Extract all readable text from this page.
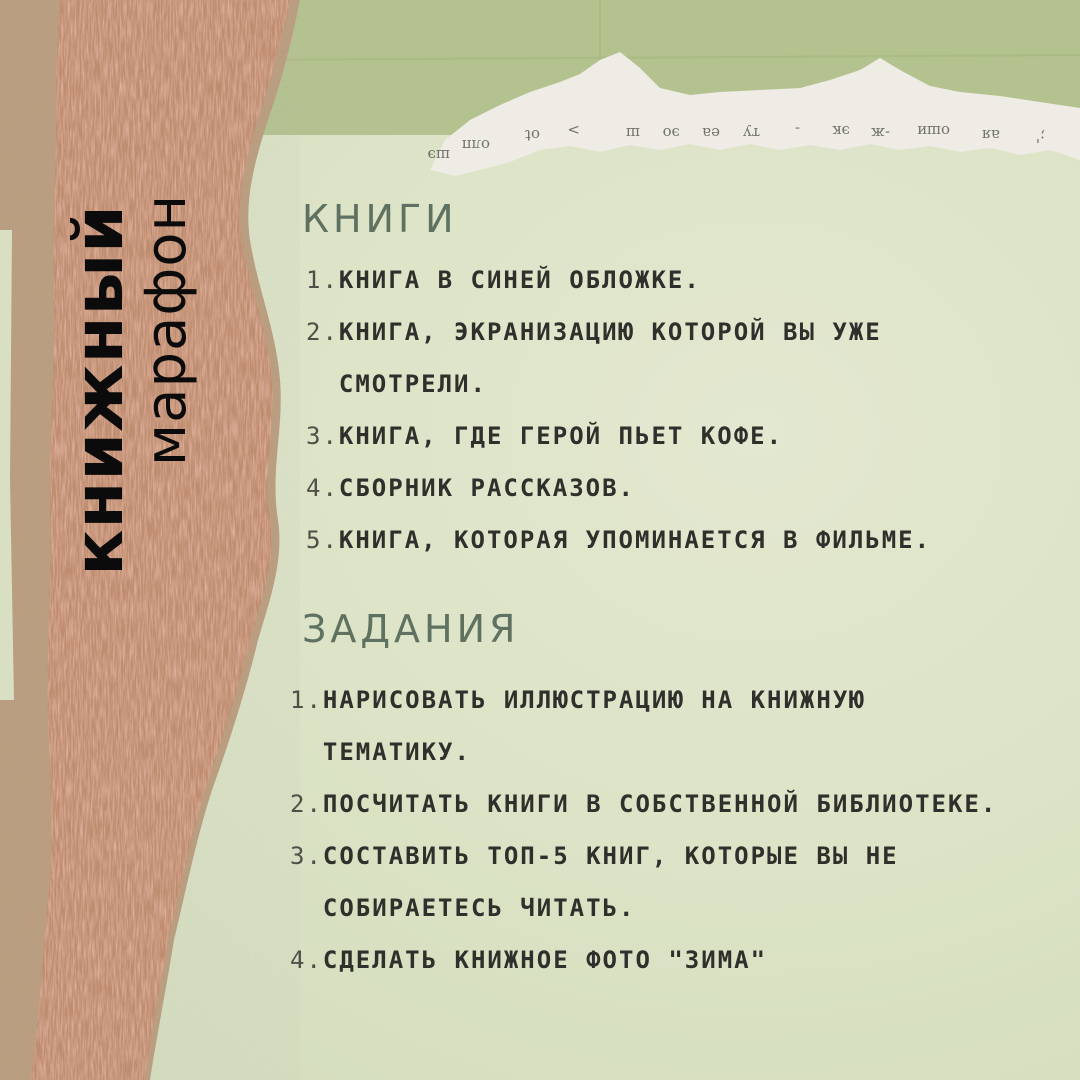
шэ
олп
ot >	ш эо еа ту - эк -ж оши ая ;'
книжный
марафон	КНИГИ
1.КНИГА В СИНЕЙ ОБЛОЖКЕ.
2.КНИГА, ЭКРАНИЗАЦИЮ КОТОРОЙ ВЫ УЖЕ
СМОТРЕЛИ.
3.КНИГА, ГДЕ ГЕРОЙ ПЬЕТ КОФЕ.
4.СБОРНИК РАССКАЗОВ.
5.КНИГА, КОТОРАЯ УПОМИНАЕТСЯ В ФИЛЬМЕ.
ЗАДАНИЯ
1.НАРИСОВАТЬ ИЛЛЮСТРАЦИЮ НА КНИЖНУЮ
ТЕМАТИКУ.
2.ПОСЧИТАТЬ КНИГИ В СОБСТВЕННОЙ БИБЛИОТЕКЕ.
3.СОСТАВИТЬ ТОП-5 КНИГ, КОТОРЫЕ ВЫ НЕ
СОБИРАЕТЕСЬ ЧИТАТЬ.
4.СДЕЛАТЬ КНИЖНОЕ ФОТО "ЗИМА"
